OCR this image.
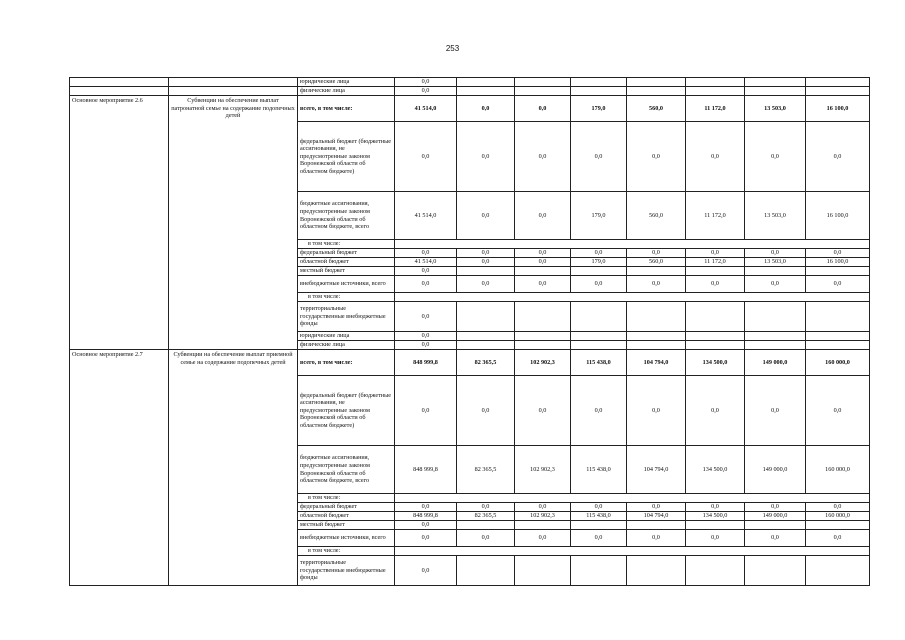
253
		юридические лица	0,0							
		физические лица	0,0							
Основное мероприятие 2.6	Субвенции на обеспечение выплат патронатной семье на содержание подопечных детей	всего, в том числе:	41 514,0	0,0	0,0	179,0	560,0	11 172,0	13 503,0	16 100,0
		федеральный бюджет (бюджетные ассигнования, не предусмотренные законом Воронежской области об областном бюджете)	0,0	0,0	0,0	0,0	0,0	0,0	0,0	0,0
		бюджетные ассигнования, предусмотренные законом Воронежской области об областном бюджете, всего	41 514,0	0,0	0,0	179,0	560,0	11 172,0	13 503,0	16 100,0
		в том числе:								
		федеральный бюджет	0,0	0,0	0,0	0,0	0,0	0,0	0,0	0,0
		областной бюджет	41 514,0	0,0	0,0	179,0	560,0	11 172,0	13 503,0	16 100,0
		местный бюджет	0,0							
		внебюджетные источники, всего	0,0	0,0	0,0	0,0	0,0	0,0	0,0	0,0
		в том числе:								
		территориальные государственные внебюджетные фонды	0,0							
		юридические лица	0,0							
		физические лица	0,0							
Основное мероприятие 2.7	Субвенции на обеспечение выплат приемной семье на содержание подопечных детей	всего, в том числе:	848 999,8	82 365,5	102 902,3	115 438,0	104 794,0	134 500,0	149 000,0	160 000,0
		федеральный бюджет (бюджетные ассигнования, не предусмотренные законом Воронежской области об областном бюджете)	0,0	0,0	0,0	0,0	0,0	0,0	0,0	0,0
		бюджетные ассигнования, предусмотренные законом Воронежской области об областном бюджете, всего	848 999,8	82 365,5	102 902,3	115 438,0	104 794,0	134 500,0	149 000,0	160 000,0
		в том числе:								
		федеральный бюджет	0,0	0,0	0,0	0,0	0,0	0,0	0,0	0,0
		областной бюджет	848 999,8	82 365,5	102 902,3	115 438,0	104 794,0	134 500,0	149 000,0	160 000,0
		местный бюджет	0,0							
		внебюджетные источники, всего	0,0	0,0	0,0	0,0	0,0	0,0	0,0	0,0
		в том числе:								
		территориальные государственные внебюджетные фонды	0,0							
